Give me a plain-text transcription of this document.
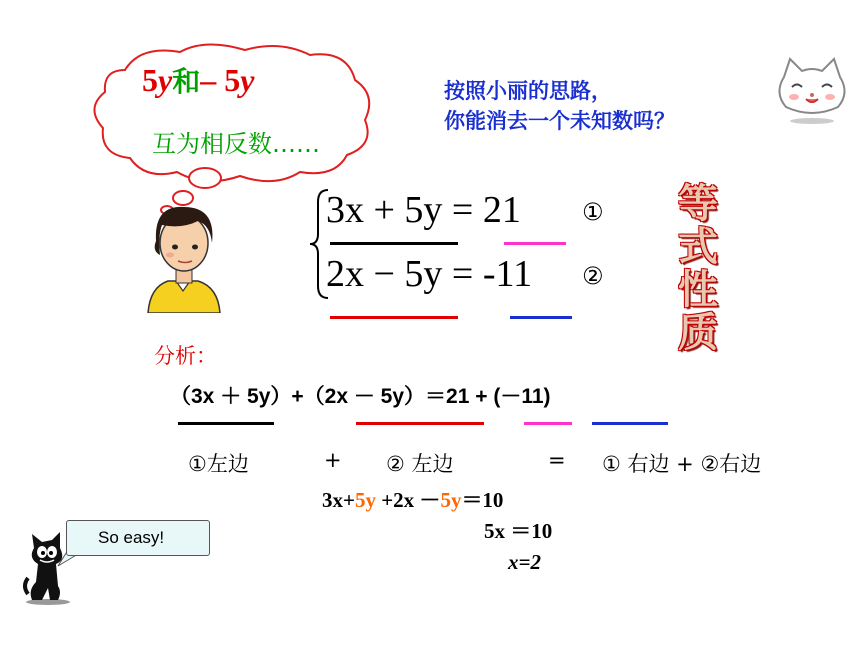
5y和– 5y
互为相反数……
按照小丽的思路，
你能消去一个未知数吗？
3x + 5y = 21	①
2x − 5y = -11 ②
等
式
性
质
分析：
（3x ＋ 5y）+（2x － 5y）＝21 + (－11)
①左边	+ ② 左边	= ① 右边 + ②右边
3x+5y +2x －5y＝10
5x ＝10
x=2
So easy!
